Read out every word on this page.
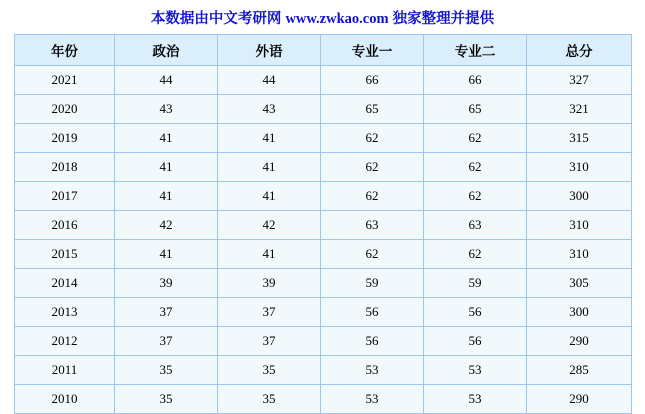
本数据由中文考研网 www.zwkao.com 独家整理并提供
年份	政治	外语	专业一	专业二	总分
2021	44	44	66	66	327
2020	43	43	65	65	321
2019	41	41	62	62	315
2018	41	41	62	62	310
2017	41	41	62	62	300
2016	42	42	63	63	310
2015	41	41	62	62	310
2014	39	39	59	59	305
2013	37	37	56	56	300
2012	37	37	56	56	290
2011	35	35	53	53	285
2010	35	35	53	53	290
